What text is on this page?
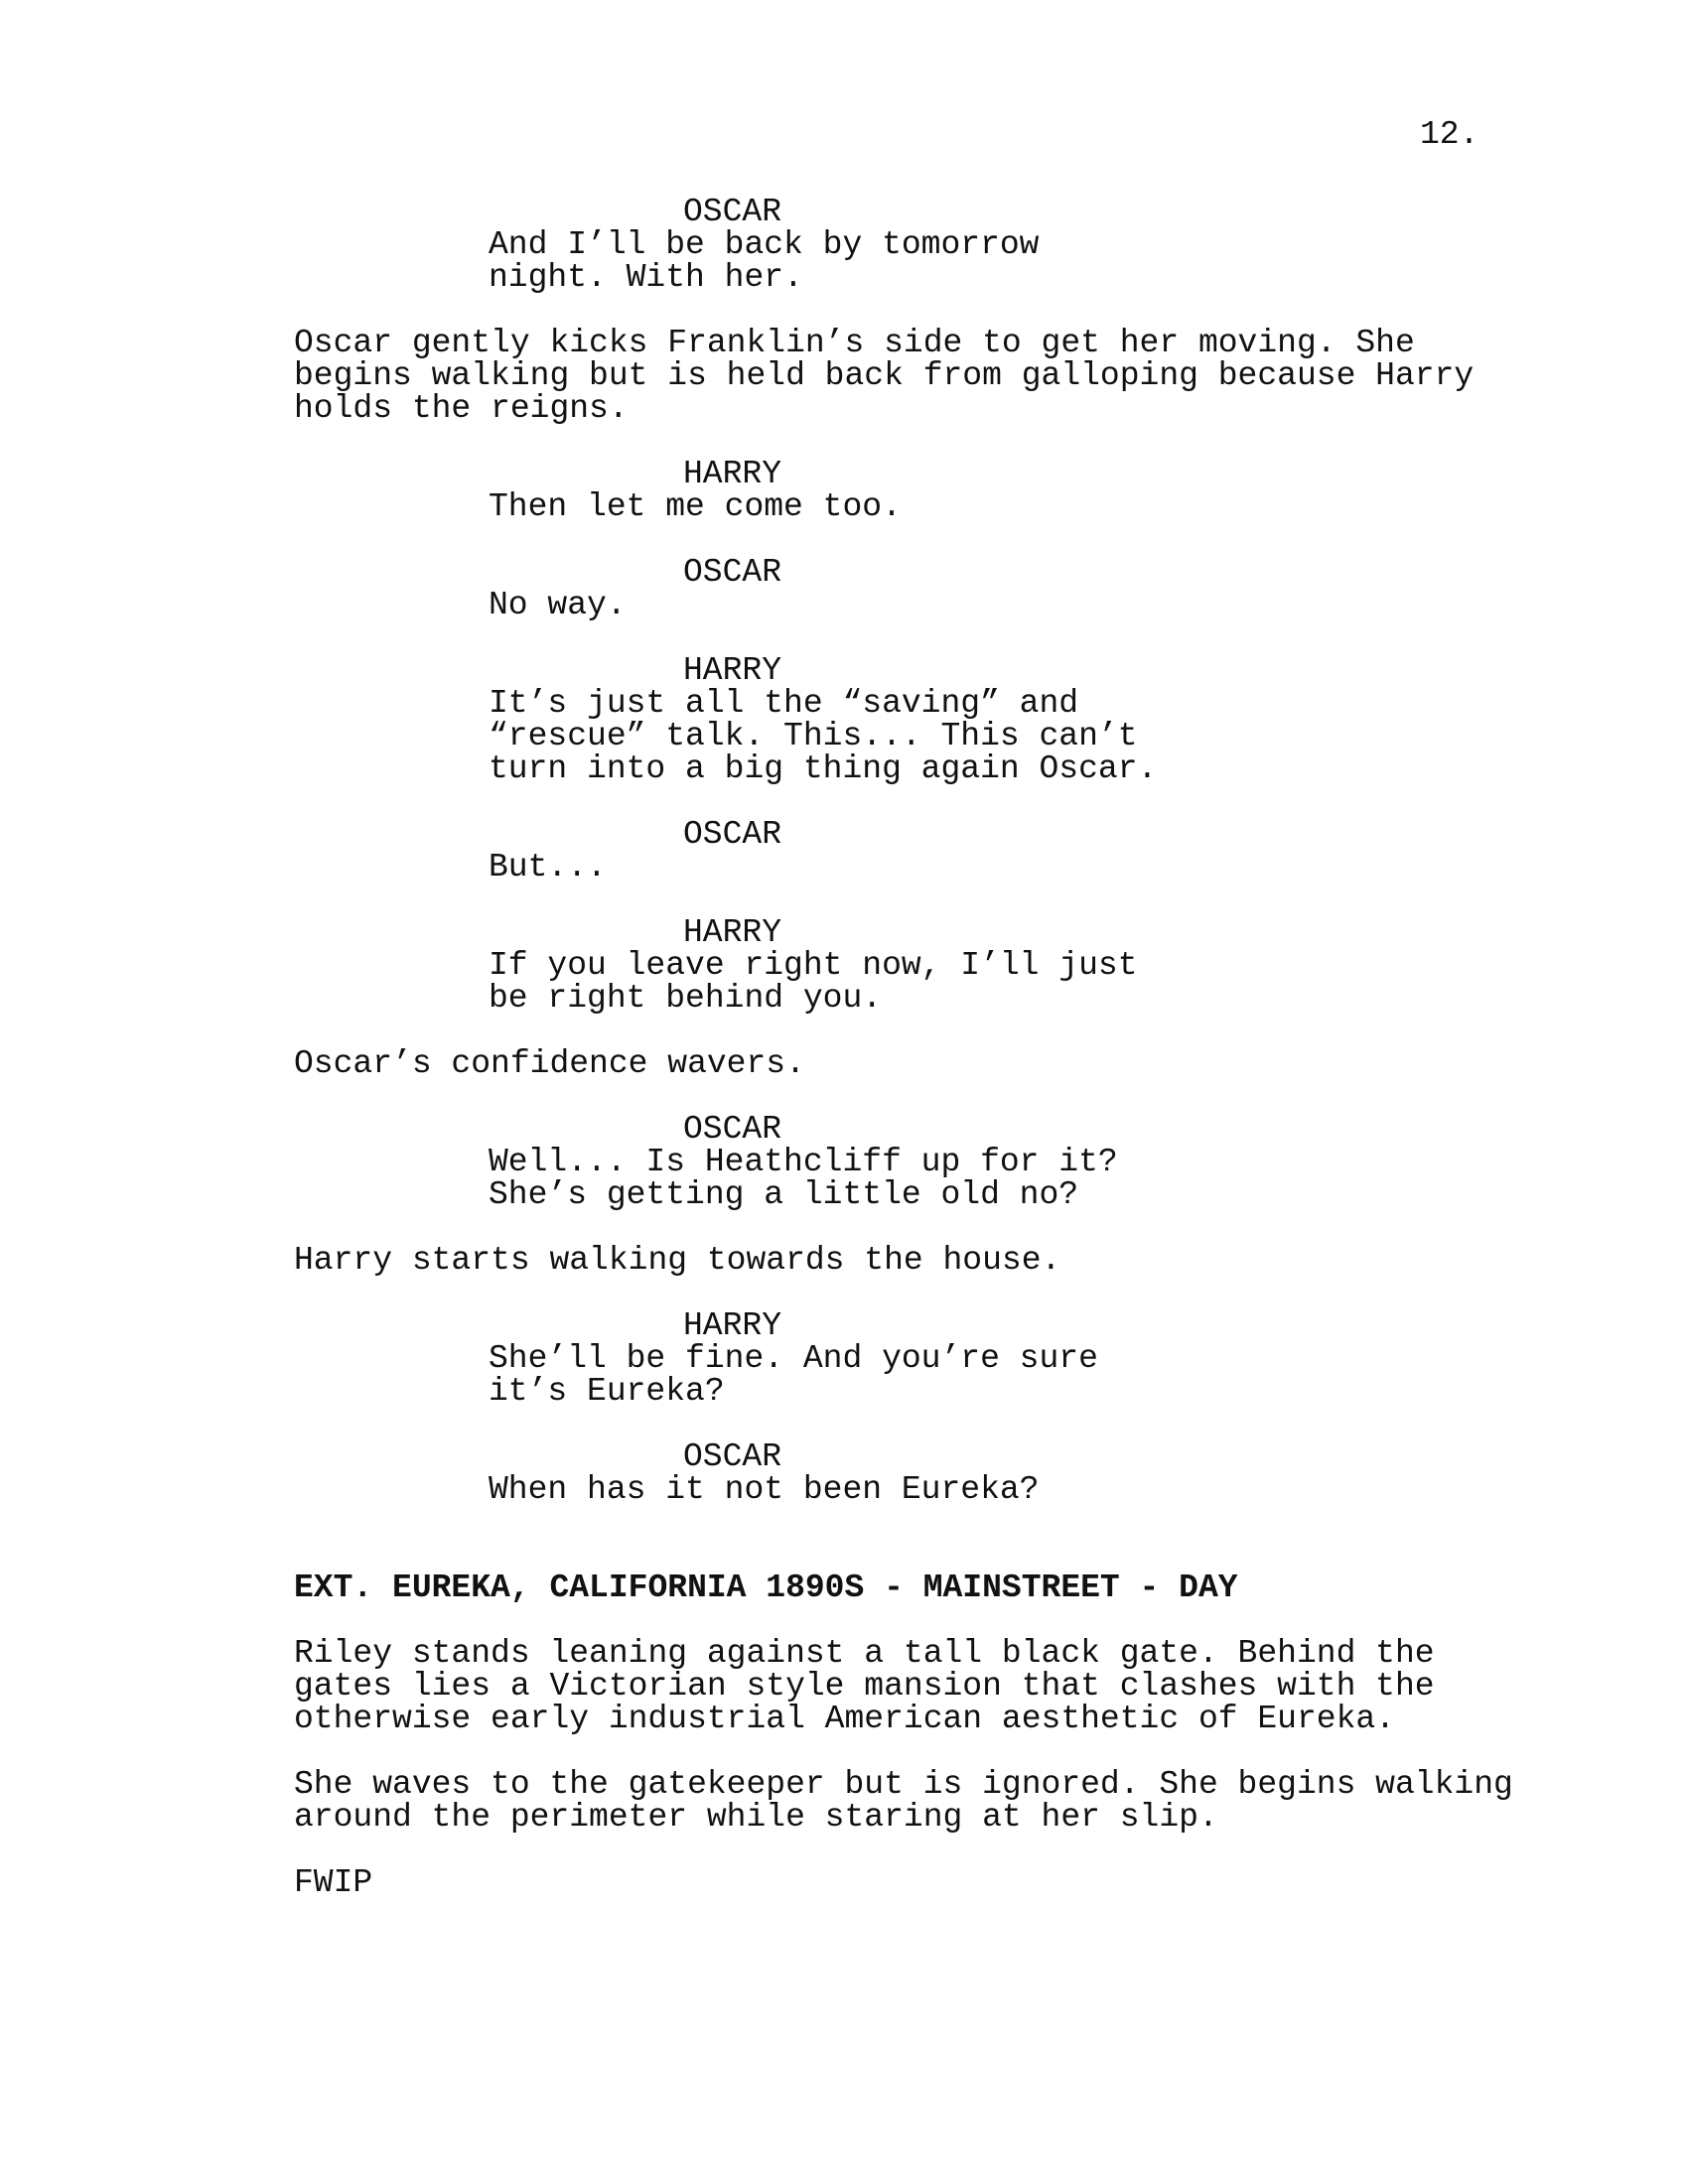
12.
OSCAR
And I’ll be back by tomorrow
night. With her.
Oscar gently kicks Franklin’s side to get her moving. She
begins walking but is held back from galloping because Harry
holds the reigns.
HARRY
Then let me come too.
OSCAR
No way.
HARRY
It’s just all the “saving” and
“rescue” talk. This... This can’t
turn into a big thing again Oscar.
OSCAR
But...
HARRY
If you leave right now, I’ll just
be right behind you.
Oscar’s confidence wavers.
OSCAR
Well... Is Heathcliff up for it?
She’s getting a little old no?
Harry starts walking towards the house.
HARRY
She’ll be fine. And you’re sure
it’s Eureka?
OSCAR
When has it not been Eureka?
EXT. EUREKA, CALIFORNIA 1890S - MAINSTREET - DAY
Riley stands leaning against a tall black gate. Behind the
gates lies a Victorian style mansion that clashes with the
otherwise early industrial American aesthetic of Eureka.
She waves to the gatekeeper but is ignored. She begins walking
around the perimeter while staring at her slip.
FWIP
